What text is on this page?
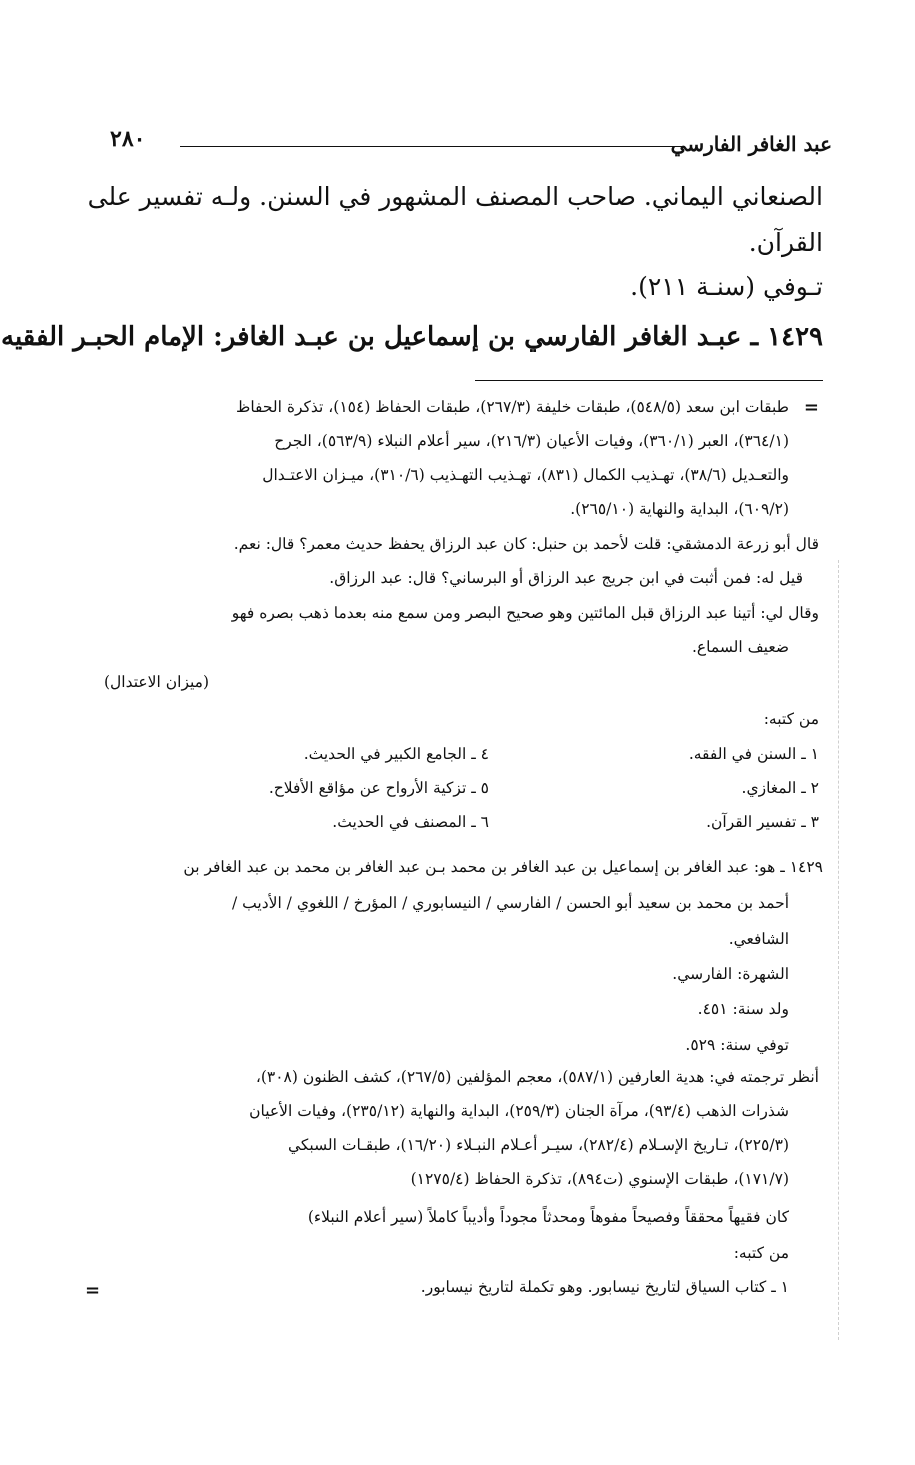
عبد الغافر الفارسي
٢٨٠
الصنعاني اليماني. صاحب المصنف المشهور في السنن. ولـه تفسير على
القرآن.
تـوفي (سنـة ٢١١).
١٤٢٩ ـ عبـد الغافر الفارسي بن إسماعيل بن عبـد الغافر: الإمام الحبـر الفقيه
=
طبقات ابن سعد (٥٤٨/٥)، طبقات خليفة (٢٦٧/٣)، طبقات الحفاظ (١٥٤)، تذكرة الحفاظ
(٣٦٤/١)، العبر (٣٦٠/١)، وفيات الأعيان (٢١٦/٣)، سير أعلام النبلاء (٥٦٣/٩)، الجرح
والتعـديل (٣٨/٦)، تهـذيب الكمال (٨٣١)، تهـذيب التهـذيب (٣١٠/٦)، ميـزان الاعتـدال
(٦٠٩/٢)، البداية والنهاية (٢٦٥/١٠).
قال أبو زرعة الدمشقي: قلت لأحمد بن حنبل: كان عبد الرزاق يحفظ حديث معمر؟ قال: نعم.
قيل له: فمن أثبت في ابن جريج عبد الرزاق أو البرساني؟ قال: عبد الرزاق.
وقال لي: أتينا عبد الرزاق قبل المائتين وهو صحيح البصر ومن سمع منه بعدما ذهب بصره فهو
ضعيف السماع.
(ميزان الاعتدال)
من كتبه:
١ ـ السنن في الفقه.
٢ ـ المغازي.
٣ ـ تفسير القرآن.
٤ ـ الجامع الكبير في الحديث.
٥ ـ تزكية الأرواح عن مؤاقع الأفلاح.
٦ ـ المصنف في الحديث.
١٤٢٩ ـ هو: عبد الغافر بن إسماعيل بن عبد الغافر بن محمد بـن عبد الغافر بن محمد بن عبد الغافر بن
أحمد بن محمد بن سعيد أبو الحسن / الفارسي / النيسابوري / المؤرخ / اللغوي / الأديب /
الشافعي.
الشهرة: الفارسي.
ولد سنة: ٤٥١.
توفي سنة: ٥٢٩.
أنظر ترجمته في: هدية العارفين (٥٨٧/١)، معجم المؤلفين (٢٦٧/٥)، كشف الظنون (٣٠٨)،
شذرات الذهب (٩٣/٤)، مرآة الجنان (٢٥٩/٣)، البداية والنهاية (٢٣٥/١٢)، وفيات الأعيان
(٢٢٥/٣)، تـاريخ الإسـلام (٢٨٢/٤)، سيـر أعـلام النبـلاء (١٦/٢٠)، طبقـات السبكي
(١٧١/٧)، طبقات الإسنوي (ت٨٩٤)، تذكرة الحفاظ (١٢٧٥/٤)
كان فقيهاً محققاً وفصيحاً مفوهاً ومحدثاً مجوداً وأديباً كاملاً (سير أعلام النبلاء)
من كتبه:
١ ـ كتاب السياق لتاريخ نيسابور. وهو تكملة لتاريخ نيسابور.
=
